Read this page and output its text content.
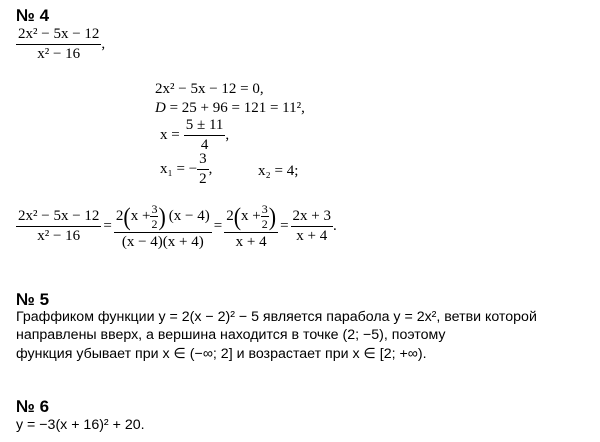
№ 4
$\frac{\text{2x² − 5x − 12}}{\text{x² − 16}}$ ,
2x² − 5x − 12 = 0,
D = 25 + 96 = 121 = 11²,
$x = \frac{5 \pm 11}{4}$ ,
x₁ = − $\frac{3}{2}$ ,	x₂ = 4;
$\frac{\text{2x² − 5x − 12}}{\text{x² − 16}}$ =
2 ( $x + \frac{3}{2}$ ) (x − 4)
(x − 4)(x + 4)
=
2 ( $x + \frac{3}{2}$ )
x + 4
= $\frac{2x + 3}{x + 4}$ .
№ 5
Граффиком функции y = 2(x − 2)² − 5 является парабола y = 2x², ветви которой
направлены вверх, а вершина находится в точке (2; −5), поэтому
функция убывает при x ∈ (−∞; 2] и возрастает при x ∈ [2; +∞).
№ 6
y = −3(x + 16)² + 20.
